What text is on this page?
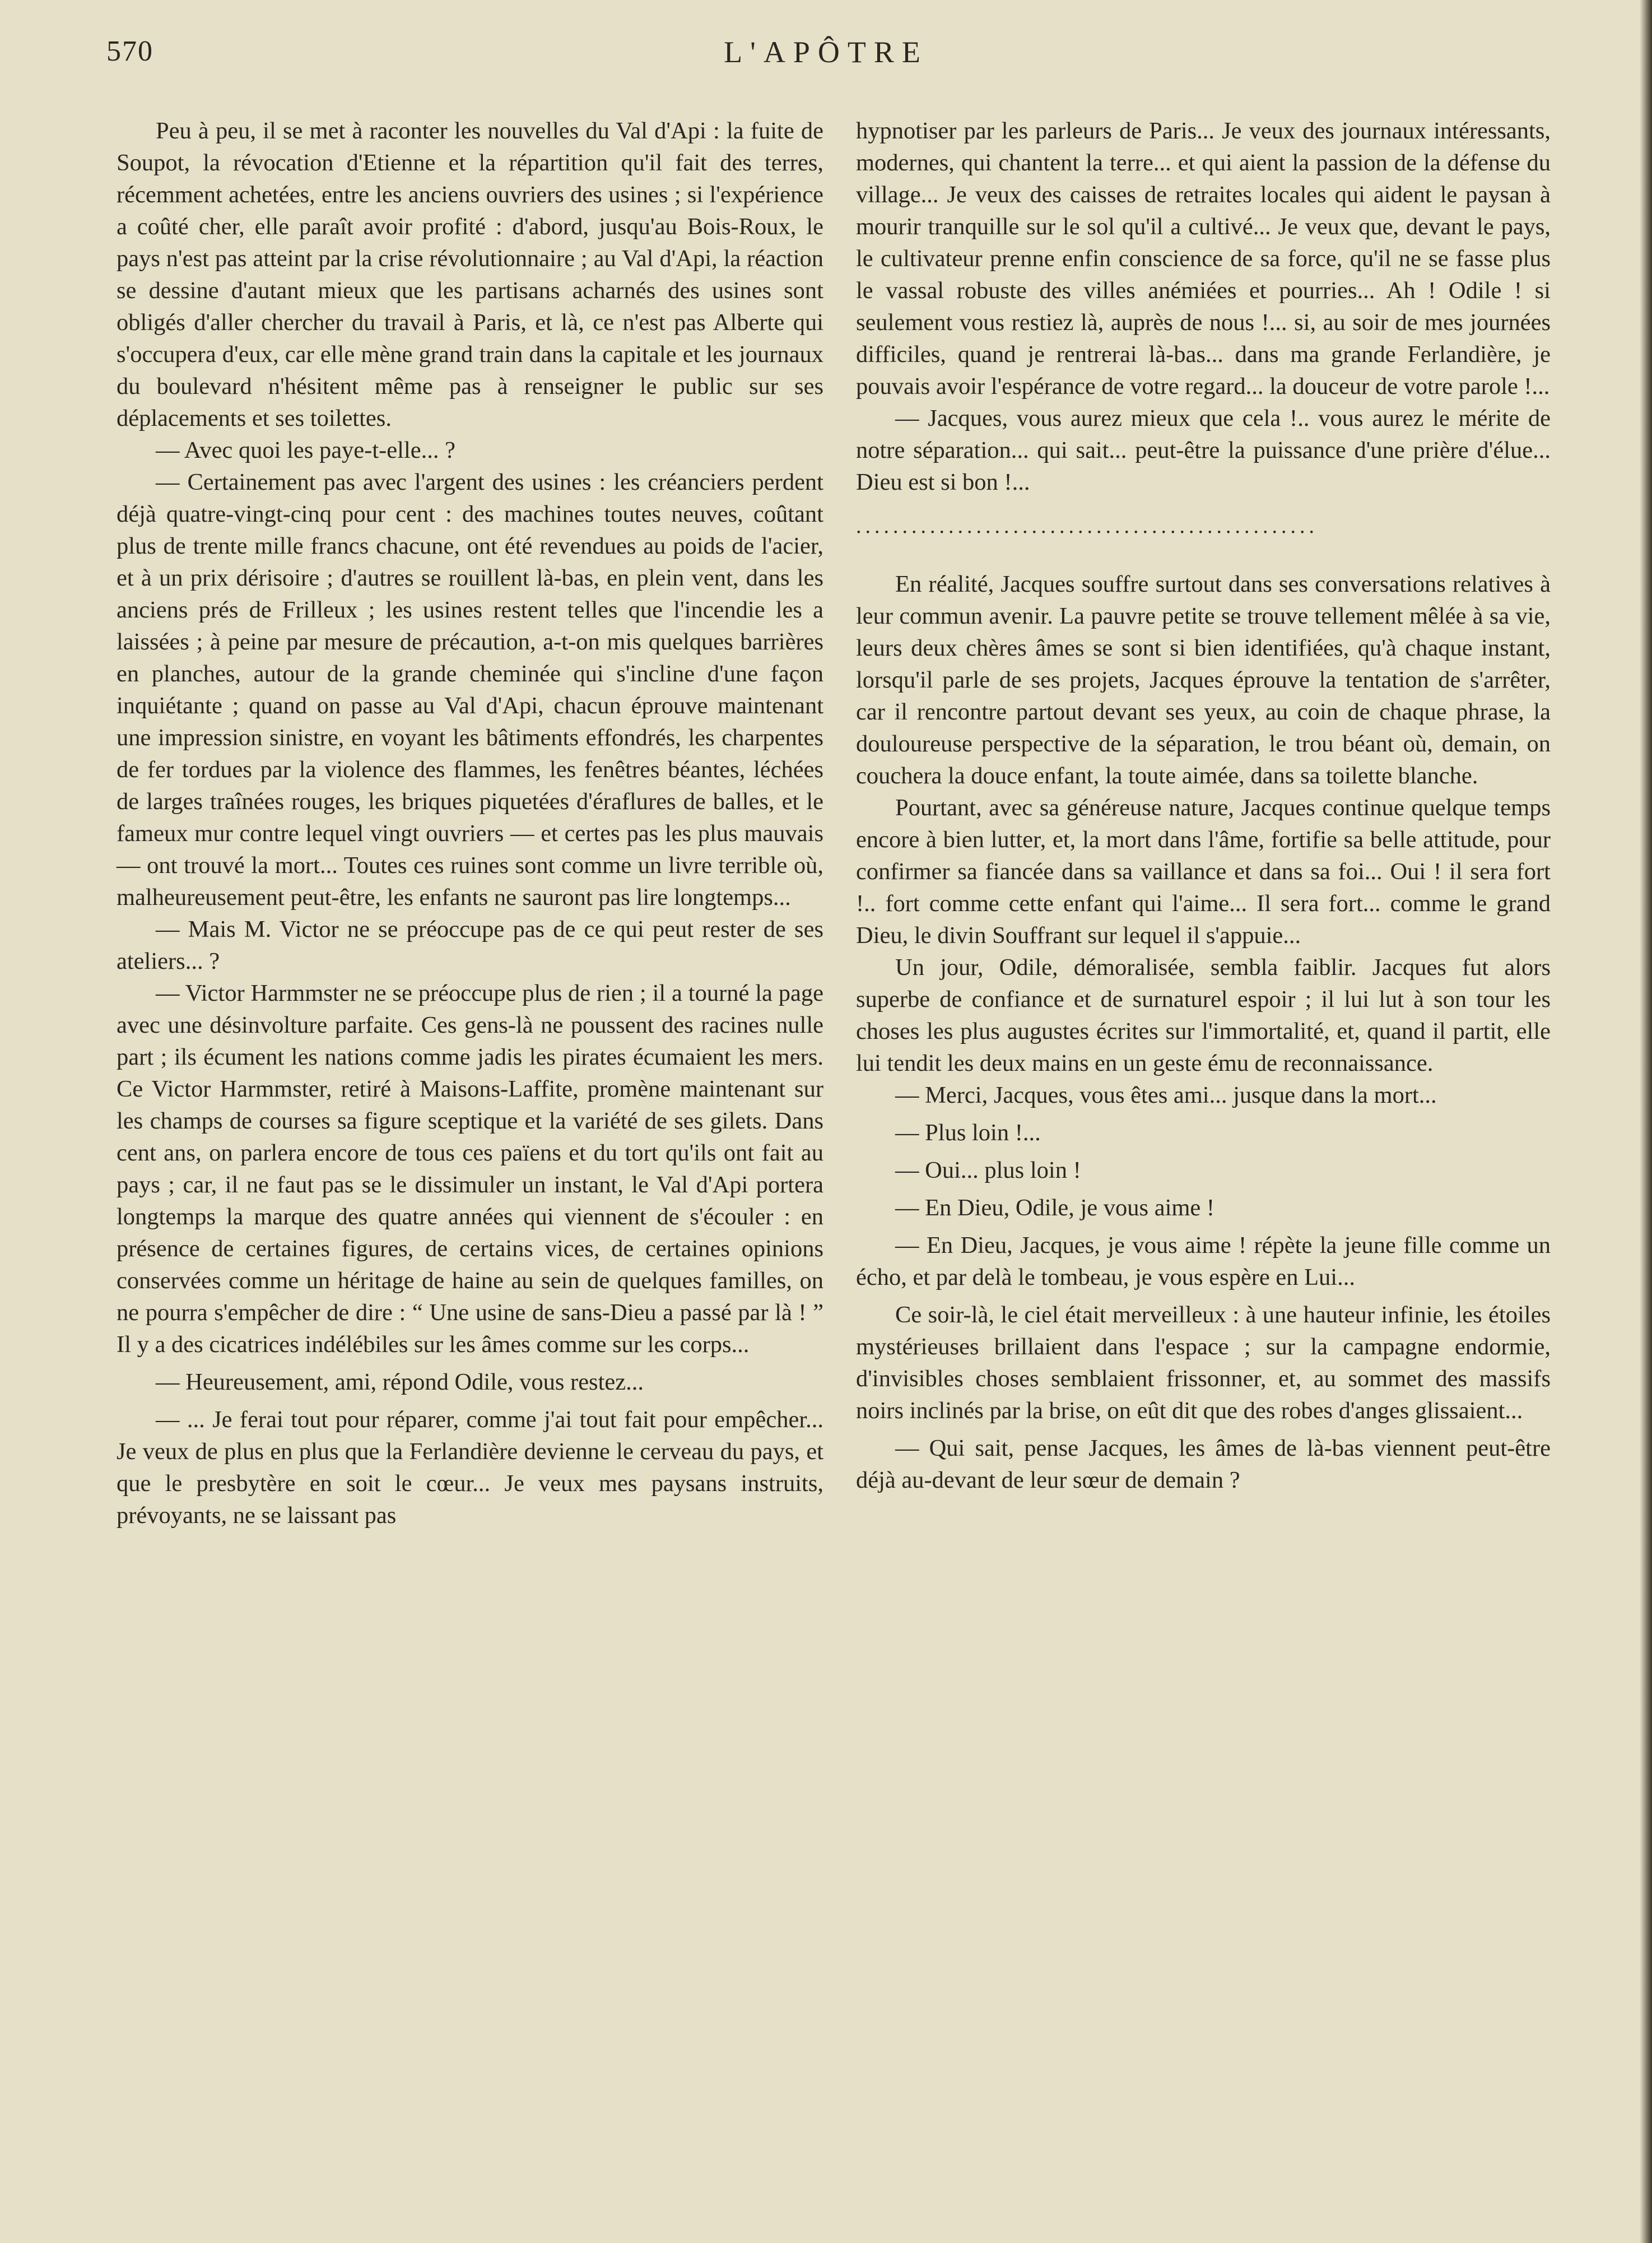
570	L'APÔTRE

Peu à peu, il se met à raconter les nouvelles du Val d'Api : la fuite de Soupot, la révocation d'Etienne et la répartition qu'il fait des terres, récemment achetées, entre les anciens ouvriers des usines ; si l'expérience a coûté cher, elle paraît avoir profité : d'abord, jusqu'au Bois-Roux, le pays n'est pas atteint par la crise révolutionnaire ; au Val d'Api, la réaction se dessine d'autant mieux que les partisans acharnés des usines sont obligés d'aller chercher du travail à Paris, et là, ce n'est pas Alberte qui s'occupera d'eux, car elle mène grand train dans la capitale et les journaux du boulevard n'hésitent même pas à renseigner le public sur ses déplacements et ses toilettes.

— Avec quoi les paye-t-elle... ?

— Certainement pas avec l'argent des usines : les créanciers perdent déjà quatre-vingt-cinq pour cent : des machines toutes neuves, coûtant plus de trente mille francs chacune, ont été revendues au poids de l'acier, et à un prix dérisoire ; d'autres se rouillent là-bas, en plein vent, dans les anciens prés de Frilleux ; les usines restent telles que l'incendie les a laissées ; à peine par mesure de précaution, a-t-on mis quelques barrières en planches, autour de la grande cheminée qui s'incline d'une façon inquiétante ; quand on passe au Val d'Api, chacun éprouve maintenant une impression sinistre, en voyant les bâtiments effondrés, les charpentes de fer tordues par la violence des flammes, les fenêtres béantes, léchées de larges traînées rouges, les briques piquetées d'éraflures de balles, et le fameux mur contre lequel vingt ouvriers — et certes pas les plus mauvais — ont trouvé la mort... Toutes ces ruines sont comme un livre terrible où, malheureusement peut-être, les enfants ne sauront pas lire longtemps...

— Mais M. Victor ne se préoccupe pas de ce qui peut rester de ses ateliers... ?

— Victor Harmmster ne se préoccupe plus de rien ; il a tourné la page avec une désinvolture parfaite. Ces gens-là ne poussent des racines nulle part ; ils écument les nations comme jadis les pirates écumaient les mers. Ce Victor Harmmster, retiré à Maisons-Laffite, promène maintenant sur les champs de courses sa figure sceptique et la variété de ses gilets. Dans cent ans, on parlera encore de tous ces païens et du tort qu'ils ont fait au pays ; car, il ne faut pas se le dissimuler un instant, le Val d'Api portera longtemps la marque des quatre années qui viennent de s'écouler : en présence de certaines figures, de certains vices, de certaines opinions conservées comme un héritage de haine au sein de quelques familles, on ne pourra s'empêcher de dire : “ Une usine de sans-Dieu a passé par là ! ” Il y a des cicatrices indélébiles sur les âmes comme sur les corps...

— Heureusement, ami, répond Odile, vous restez...

— ... Je ferai tout pour réparer, comme j'ai tout fait pour empêcher... Je veux de plus en plus que la Ferlandière devienne le cerveau du pays, et que le presbytère en soit le cœur... Je veux mes paysans instruits, prévoyants, ne se laissant pas

hypnotiser par les parleurs de Paris... Je veux des journaux intéressants, modernes, qui chantent la terre... et qui aient la passion de la défense du village... Je veux des caisses de retraites locales qui aident le paysan à mourir tranquille sur le sol qu'il a cultivé... Je veux que, devant le pays, le cultivateur prenne enfin conscience de sa force, qu'il ne se fasse plus le vassal robuste des villes anémiées et pourries... Ah ! Odile ! si seulement vous restiez là, auprès de nous !... si, au soir de mes journées difficiles, quand je rentrerai là-bas... dans ma grande Ferlandière, je pouvais avoir l'espérance de votre regard... la douceur de votre parole !...

— Jacques, vous aurez mieux que cela !.. vous aurez le mérite de notre séparation... qui sait... peut-être la puissance d'une prière d'élue... Dieu est si bon !...

..................................................

En réalité, Jacques souffre surtout dans ses conversations relatives à leur commun avenir. La pauvre petite se trouve tellement mêlée à sa vie, leurs deux chères âmes se sont si bien identifiées, qu'à chaque instant, lorsqu'il parle de ses projets, Jacques éprouve la tentation de s'arrêter, car il rencontre partout devant ses yeux, au coin de chaque phrase, la douloureuse perspective de la séparation, le trou béant où, demain, on couchera la douce enfant, la toute aimée, dans sa toilette blanche.

Pourtant, avec sa généreuse nature, Jacques continue quelque temps encore à bien lutter, et, la mort dans l'âme, fortifie sa belle attitude, pour confirmer sa fiancée dans sa vaillance et dans sa foi... Oui ! il sera fort !.. fort comme cette enfant qui l'aime... Il sera fort... comme le grand Dieu, le divin Souffrant sur lequel il s'appuie...

Un jour, Odile, démoralisée, sembla faiblir. Jacques fut alors superbe de confiance et de surnaturel espoir ; il lui lut à son tour les choses les plus augustes écrites sur l'immortalité, et, quand il partit, elle lui tendit les deux mains en un geste ému de reconnaissance.

— Merci, Jacques, vous êtes ami... jusque dans la mort...

— Plus loin !...

— Oui... plus loin !

— En Dieu, Odile, je vous aime !

— En Dieu, Jacques, je vous aime ! répète la jeune fille comme un écho, et par delà le tombeau, je vous espère en Lui...

Ce soir-là, le ciel était merveilleux : à une hauteur infinie, les étoiles mystérieuses brillaient dans l'espace ; sur la campagne endormie, d'invisibles choses semblaient frissonner, et, au sommet des massifs noirs inclinés par la brise, on eût dit que des robes d'anges glissaient...

— Qui sait, pense Jacques, les âmes de là-bas viennent peut-être déjà au-devant de leur sœur de demain ?
